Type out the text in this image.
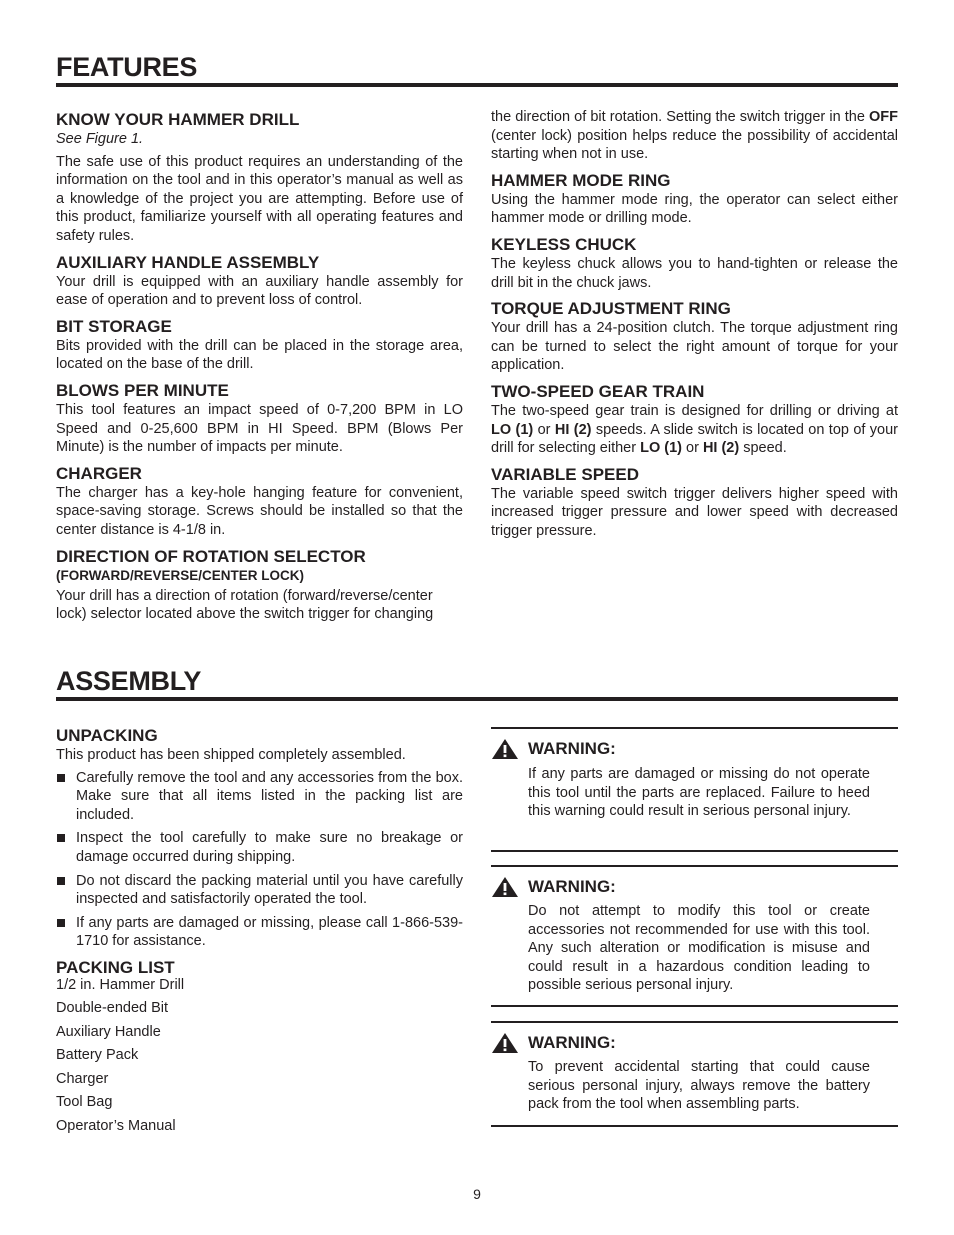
FEATURES
KNOW YOUR HAMMER DRILL

See Figure 1.

The safe use of this product requires an understanding of the information on the tool and in this operator’s manual as well as a knowledge of the project you are attempting. Before use of this product, familiarize yourself with all operating features and safety rules.

AUXILIARY HANDLE ASSEMBLY

Your drill is equipped with an auxiliary handle assembly for ease of operation and to prevent loss of control.

BIT STORAGE

Bits provided with the drill can be placed in the storage area, located on the base of the drill.

BLOWS PER MINUTE

This tool features an impact speed of 0-7,200 BPM in LO Speed and 0-25,600 BPM in HI Speed. BPM (Blows Per Minute) is the number of impacts per minute.

CHARGER

The charger has a key-hole hanging feature for convenient, space-saving storage. Screws should be installed so that the center distance is 4-1/8 in.

DIRECTION OF ROTATION SELECTOR
(FORWARD/REVERSE/CENTER LOCK)

Your drill has a direction of rotation (forward/reverse/center lock) selector located above the switch trigger for changing

the direction of bit rotation. Setting the switch trigger in the OFF (center lock) position helps reduce the possibility of accidental starting when not in use.

HAMMER MODE RING

Using the hammer mode ring, the operator can select either hammer mode or drilling mode.

KEYLESS CHUCK

The keyless chuck allows you to hand-tighten or release the drill bit in the chuck jaws.

TORQUE ADJUSTMENT RING

Your drill has a 24-position clutch. The torque adjustment ring can be turned to select the right amount of torque for your application.

TWO-SPEED GEAR TRAIN

The two-speed gear train is designed for drilling or driving at LO (1) or HI (2) speeds. A slide switch is located on top of your drill for selecting either LO (1) or HI (2) speed.

VARIABLE SPEED

The variable speed switch trigger delivers higher speed with increased trigger pressure and lower speed with decreased trigger pressure.

ASSEMBLY
UNPACKING

This product has been shipped completely assembled.

Carefully remove the tool and any accessories from the box. Make sure that all items listed in the packing list are included.
Inspect the tool carefully to make sure no breakage or damage occurred during shipping.
Do not discard the packing material until you have carefully inspected and satisfactorily operated the tool.
If any parts are damaged or missing, please call 1-866-539-1710 for assistance.
PACKING LIST
1/2 in. Hammer Drill
Double-ended Bit
Auxiliary Handle
Battery Pack
Charger
Tool Bag
Operator’s Manual
WARNING:

If any parts are damaged or missing do not operate this tool until the parts are replaced. Failure to heed this warning could result in serious personal injury.

WARNING:

Do not attempt to modify this tool or create accessories not recommended for use with this tool. Any such alteration or modification is misuse and could result in a hazardous condition leading to possible serious personal injury.

WARNING:

To prevent accidental starting that could cause serious personal injury, always remove the battery pack from the tool when assembling parts.

9
